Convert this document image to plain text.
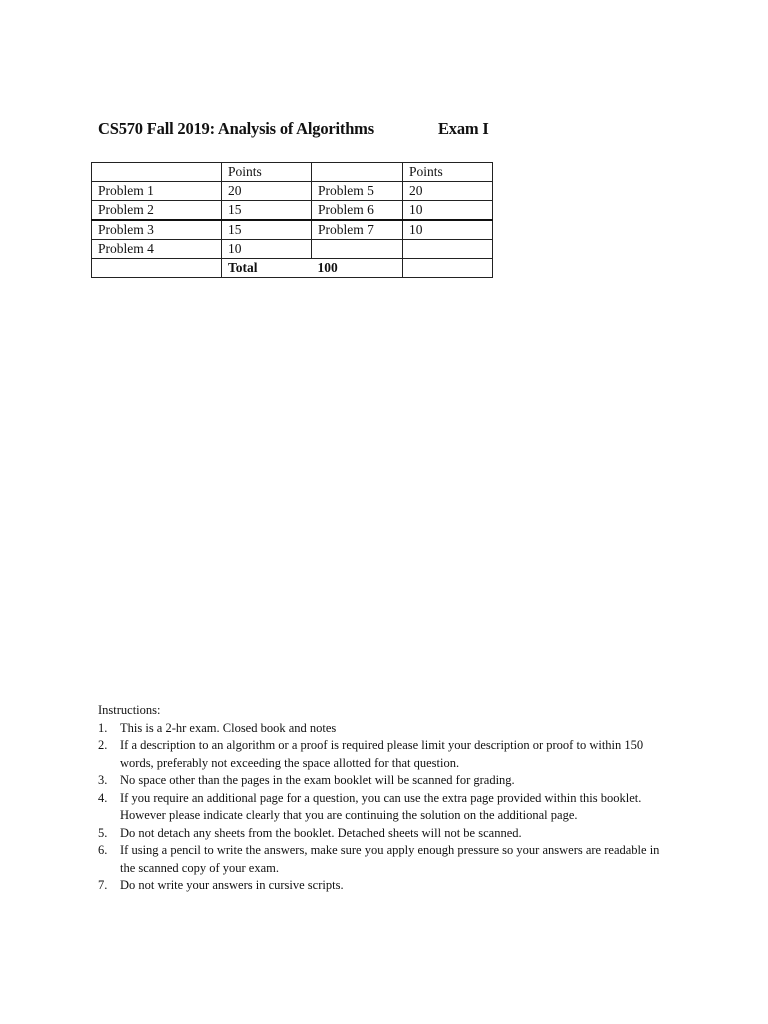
CS570 Fall 2019: Analysis of Algorithms	Exam I
	Points		Points
Problem 1	20	Problem 5	20
Problem 2	15	Problem 6	10
Problem 3	15	Problem 7	10
Problem 4	10		
	Total	100	

Instructions:

1. This is a 2-hr exam. Closed book and notes
2. If a description to an algorithm or a proof is required please limit your description or proof to within 150 words, preferably not exceeding the space allotted for that question.
3. No space other than the pages in the exam booklet will be scanned for grading.
4. If you require an additional page for a question, you can use the extra page provided within this booklet. However please indicate clearly that you are continuing the solution on the additional page.
5. Do not detach any sheets from the booklet. Detached sheets will not be scanned.
6. If using a pencil to write the answers, make sure you apply enough pressure so your answers are readable in the scanned copy of your exam.
7. Do not write your answers in cursive scripts.
